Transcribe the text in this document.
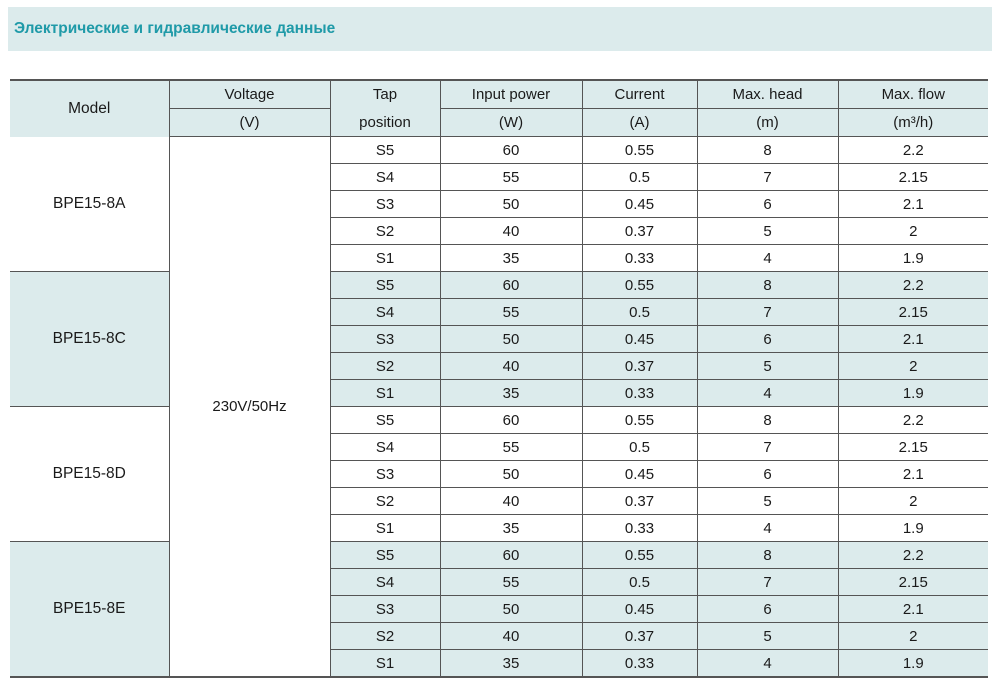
Электрические и гидравлические данные
Model	Voltage	Tap	Input power	Current	Max. head	Max. flow
	(V)	position	(W)	(A)	(m)	(m³/h)
BPE15-8A	230V/50Hz	S5	60	0.55	8	2.2
		S4	55	0.5	7	2.15
		S3	50	0.45	6	2.1
		S2	40	0.37	5	2
		S1	35	0.33	4	1.9
BPE15-8C		S5	60	0.55	8	2.2
		S4	55	0.5	7	2.15
		S3	50	0.45	6	2.1
		S2	40	0.37	5	2
		S1	35	0.33	4	1.9
BPE15-8D		S5	60	0.55	8	2.2
		S4	55	0.5	7	2.15
		S3	50	0.45	6	2.1
		S2	40	0.37	5	2
		S1	35	0.33	4	1.9
BPE15-8E		S5	60	0.55	8	2.2
		S4	55	0.5	7	2.15
		S3	50	0.45	6	2.1
		S2	40	0.37	5	2
		S1	35	0.33	4	1.9
